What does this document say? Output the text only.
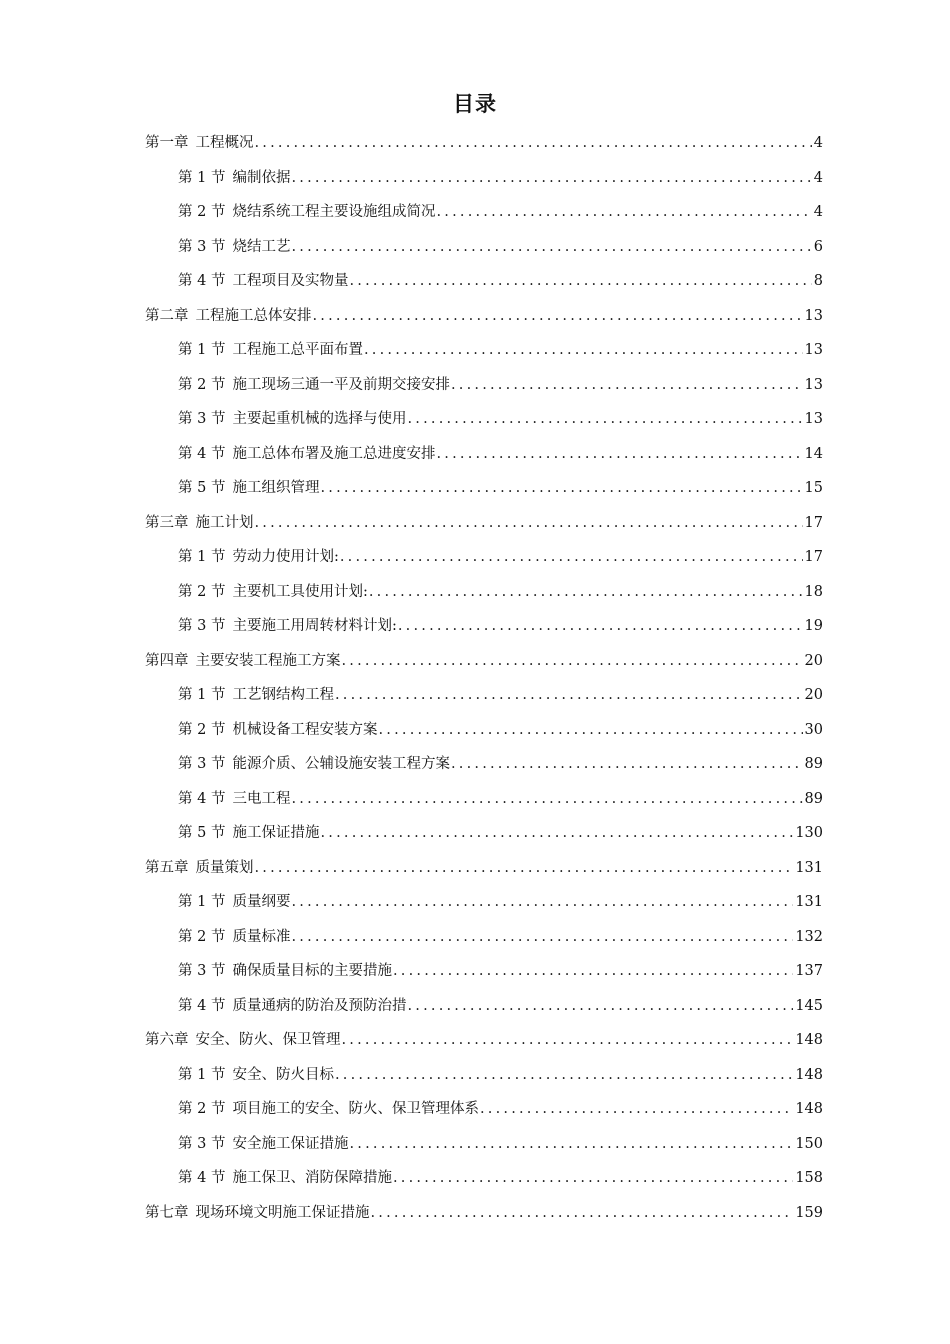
目录
第一章 工程概况 .....	4
第 1 节 编制依据 .....	4
第 2 节 烧结系统工程主要设施组成简况 .....	4
第 3 节 烧结工艺 .....	6
第 4 节 工程项目及实物量 .....	8
第二章 工程施工总体安排 .....	13
第 1 节 工程施工总平面布置 .....	13
第 2 节 施工现场三通一平及前期交接安排 .....	13
第 3 节 主要起重机械的选择与使用 .....	13
第 4 节 施工总体布署及施工总进度安排 .....	14
第 5 节 施工组织管理 .....	15
第三章 施工计划 .....	17
第 1 节 劳动力使用计划: .....	17
第 2 节 主要机工具使用计划: .....	18
第 3 节 主要施工用周转材料计划: .....	19
第四章 主要安装工程施工方案 .....	20
第 1 节 工艺钢结构工程 .....	20
第 2 节 机械设备工程安装方案 .....	30
第 3 节 能源介质、公辅设施安装工程方案 .....	89
第 4 节 三电工程 .....	89
第 5 节 施工保证措施 .....	130
第五章 质量策划 .....	131
第 1 节 质量纲要 .....	131
第 2 节 质量标准 .....	132
第 3 节 确保质量目标的主要措施 .....	137
第 4 节 质量通病的防治及预防治措 .....	145
第六章 安全、防火、保卫管理 .....	148
第 1 节 安全、防火目标 .....	148
第 2 节 项目施工的安全、防火、保卫管理体系 .....	148
第 3 节 安全施工保证措施 .....	150
第 4 节 施工保卫、消防保障措施 .....	158
第七章 现场环境文明施工保证措施 .....	159
